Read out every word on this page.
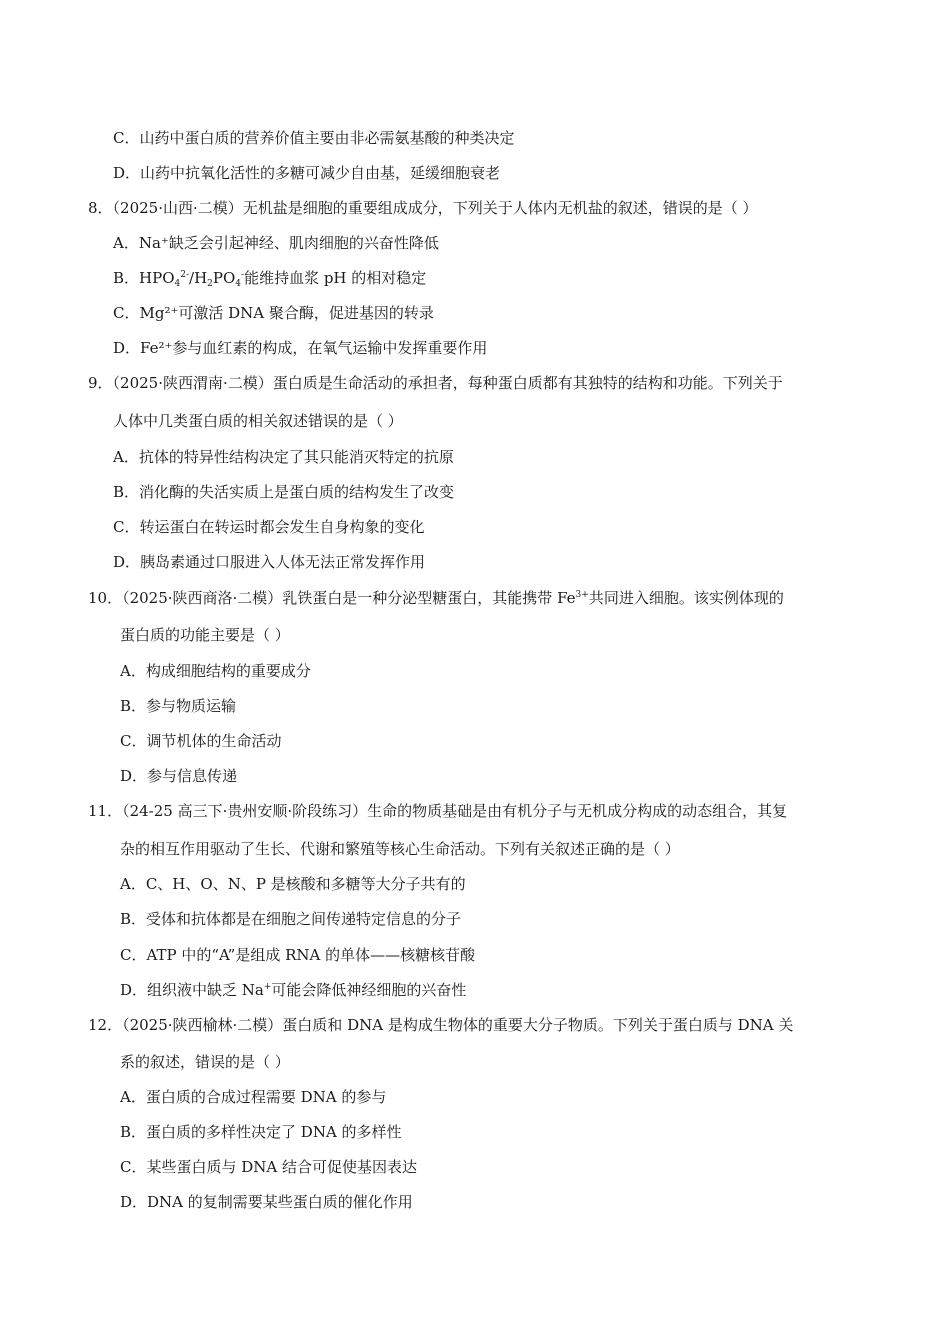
C．山药中蛋白质的营养价值主要由非必需氨基酸的种类决定
D．山药中抗氧化活性的多糖可减少自由基，延缓细胞衰老
8．（2025·山西·二模）无机盐是细胞的重要组成成分，下列关于人体内无机盐的叙述，错误的是（ ）
A．Na⁺缺乏会引起神经、肌肉细胞的兴奋性降低
B．$HPO_4^{2-}/H_2PO_4^-$能维持血浆 pH 的相对稳定
C．Mg²⁺可激活 DNA 聚合酶，促进基因的转录
D．Fe²⁺参与血红素的构成，在氧气运输中发挥重要作用
9．（2025·陕西渭南·二模）蛋白质是生命活动的承担者，每种蛋白质都有其独特的结构和功能。下列关于
人体中几类蛋白质的相关叙述错误的是（ ）
A．抗体的特异性结构决定了其只能消灭特定的抗原
B．消化酶的失活实质上是蛋白质的结构发生了改变
C．转运蛋白在转运时都会发生自身构象的变化
D．胰岛素通过口服进入人体无法正常发挥作用
10．（2025·陕西商洛·二模）乳铁蛋白是一种分泌型糖蛋白，其能携带 $Fe^{3+}$共同进入细胞。该实例体现的
蛋白质的功能主要是（ ）
A．构成细胞结构的重要成分
B．参与物质运输
C．调节机体的生命活动
D．参与信息传递
11．（24-25 高三下·贵州安顺·阶段练习）生命的物质基础是由有机分子与无机成分构成的动态组合，其复
杂的相互作用驱动了生长、代谢和繁殖等核心生命活动。下列有关叙述正确的是（ ）
A．C、H、O、N、P 是核酸和多糖等大分子共有的
B．受体和抗体都是在细胞之间传递特定信息的分子
C．ATP 中的“A”是组成 RNA 的单体——核糖核苷酸
D．组织液中缺乏 Na+可能会降低神经细胞的兴奋性
12．（2025·陕西榆林·二模）蛋白质和 DNA 是构成生物体的重要大分子物质。下列关于蛋白质与 DNA 关
系的叙述，错误的是（ ）
A．蛋白质的合成过程需要 DNA 的参与
B．蛋白质的多样性决定了 DNA 的多样性
C．某些蛋白质与 DNA 结合可促使基因表达
D．DNA 的复制需要某些蛋白质的催化作用
